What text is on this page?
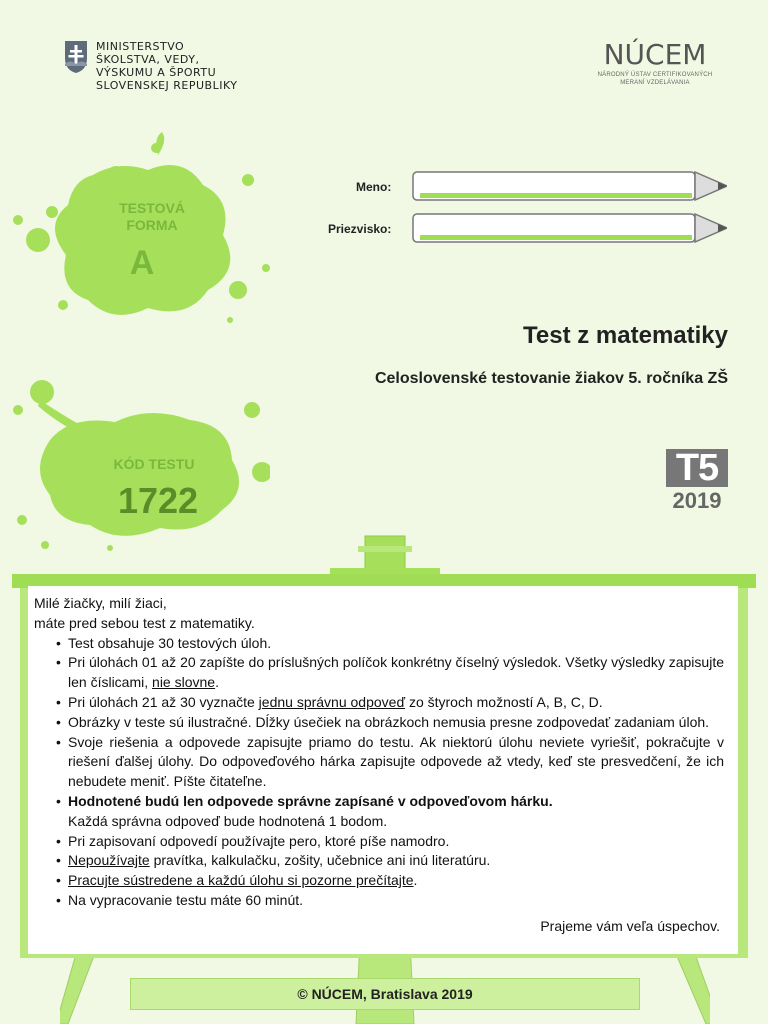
MINISTERSTVO
ŠKOLSTVA, VEDY,
VÝSKUMU A ŠPORTU
SLOVENSKEJ REPUBLIKY
NÚCEM
NÁRODNÝ ÚSTAV CERTIFIKOVANÝCH
MERANÍ VZDELÁVANIA
TESTOVÁ
FORMA
A
KÓD TESTU
1722
Meno:
Priezvisko:
Test z matematiky
Celoslovenské testovanie žiakov 5. ročníka ZŠ
T5
2019
Milé žiačky, milí žiaci,
máte pred sebou test z matematiky.
• Test obsahuje 30 testových úloh.
• Pri úlohách 01 až 20 zapíšte do príslušných políčok konkrétny číselný výsledok. Všetky výsledky zapisujte len číslicami, nie slovne.
• Pri úlohách 21 až 30 vyznačte jednu správnu odpoveď zo štyroch možností A, B, C, D.
• Obrázky v teste sú ilustračné. Dĺžky úsečiek na obrázkoch nemusia presne zodpovedať zadaniam úloh.
• Svoje riešenia a odpovede zapisujte priamo do testu. Ak niektorú úlohu neviete vyriešiť, pokračujte v riešení ďalšej úlohy. Do odpoveďového hárka zapisujte odpovede až vtedy, keď ste presvedčení, že ich nebudete meniť. Píšte čitateľne.
• Hodnotené budú len odpovede správne zapísané v odpoveďovom hárku.
Každá správna odpoveď bude hodnotená 1 bodom.
• Pri zapisovaní odpovedí používajte pero, ktoré píše namodro.
• Nepoužívajte pravítka, kalkulačku, zošity, učebnice ani inú literatúru.
• Pracujte sústredene a každú úlohu si pozorne prečítajte.
• Na vypracovanie testu máte 60 minút.
Prajeme vám veľa úspechov.
© NÚCEM, Bratislava 2019
